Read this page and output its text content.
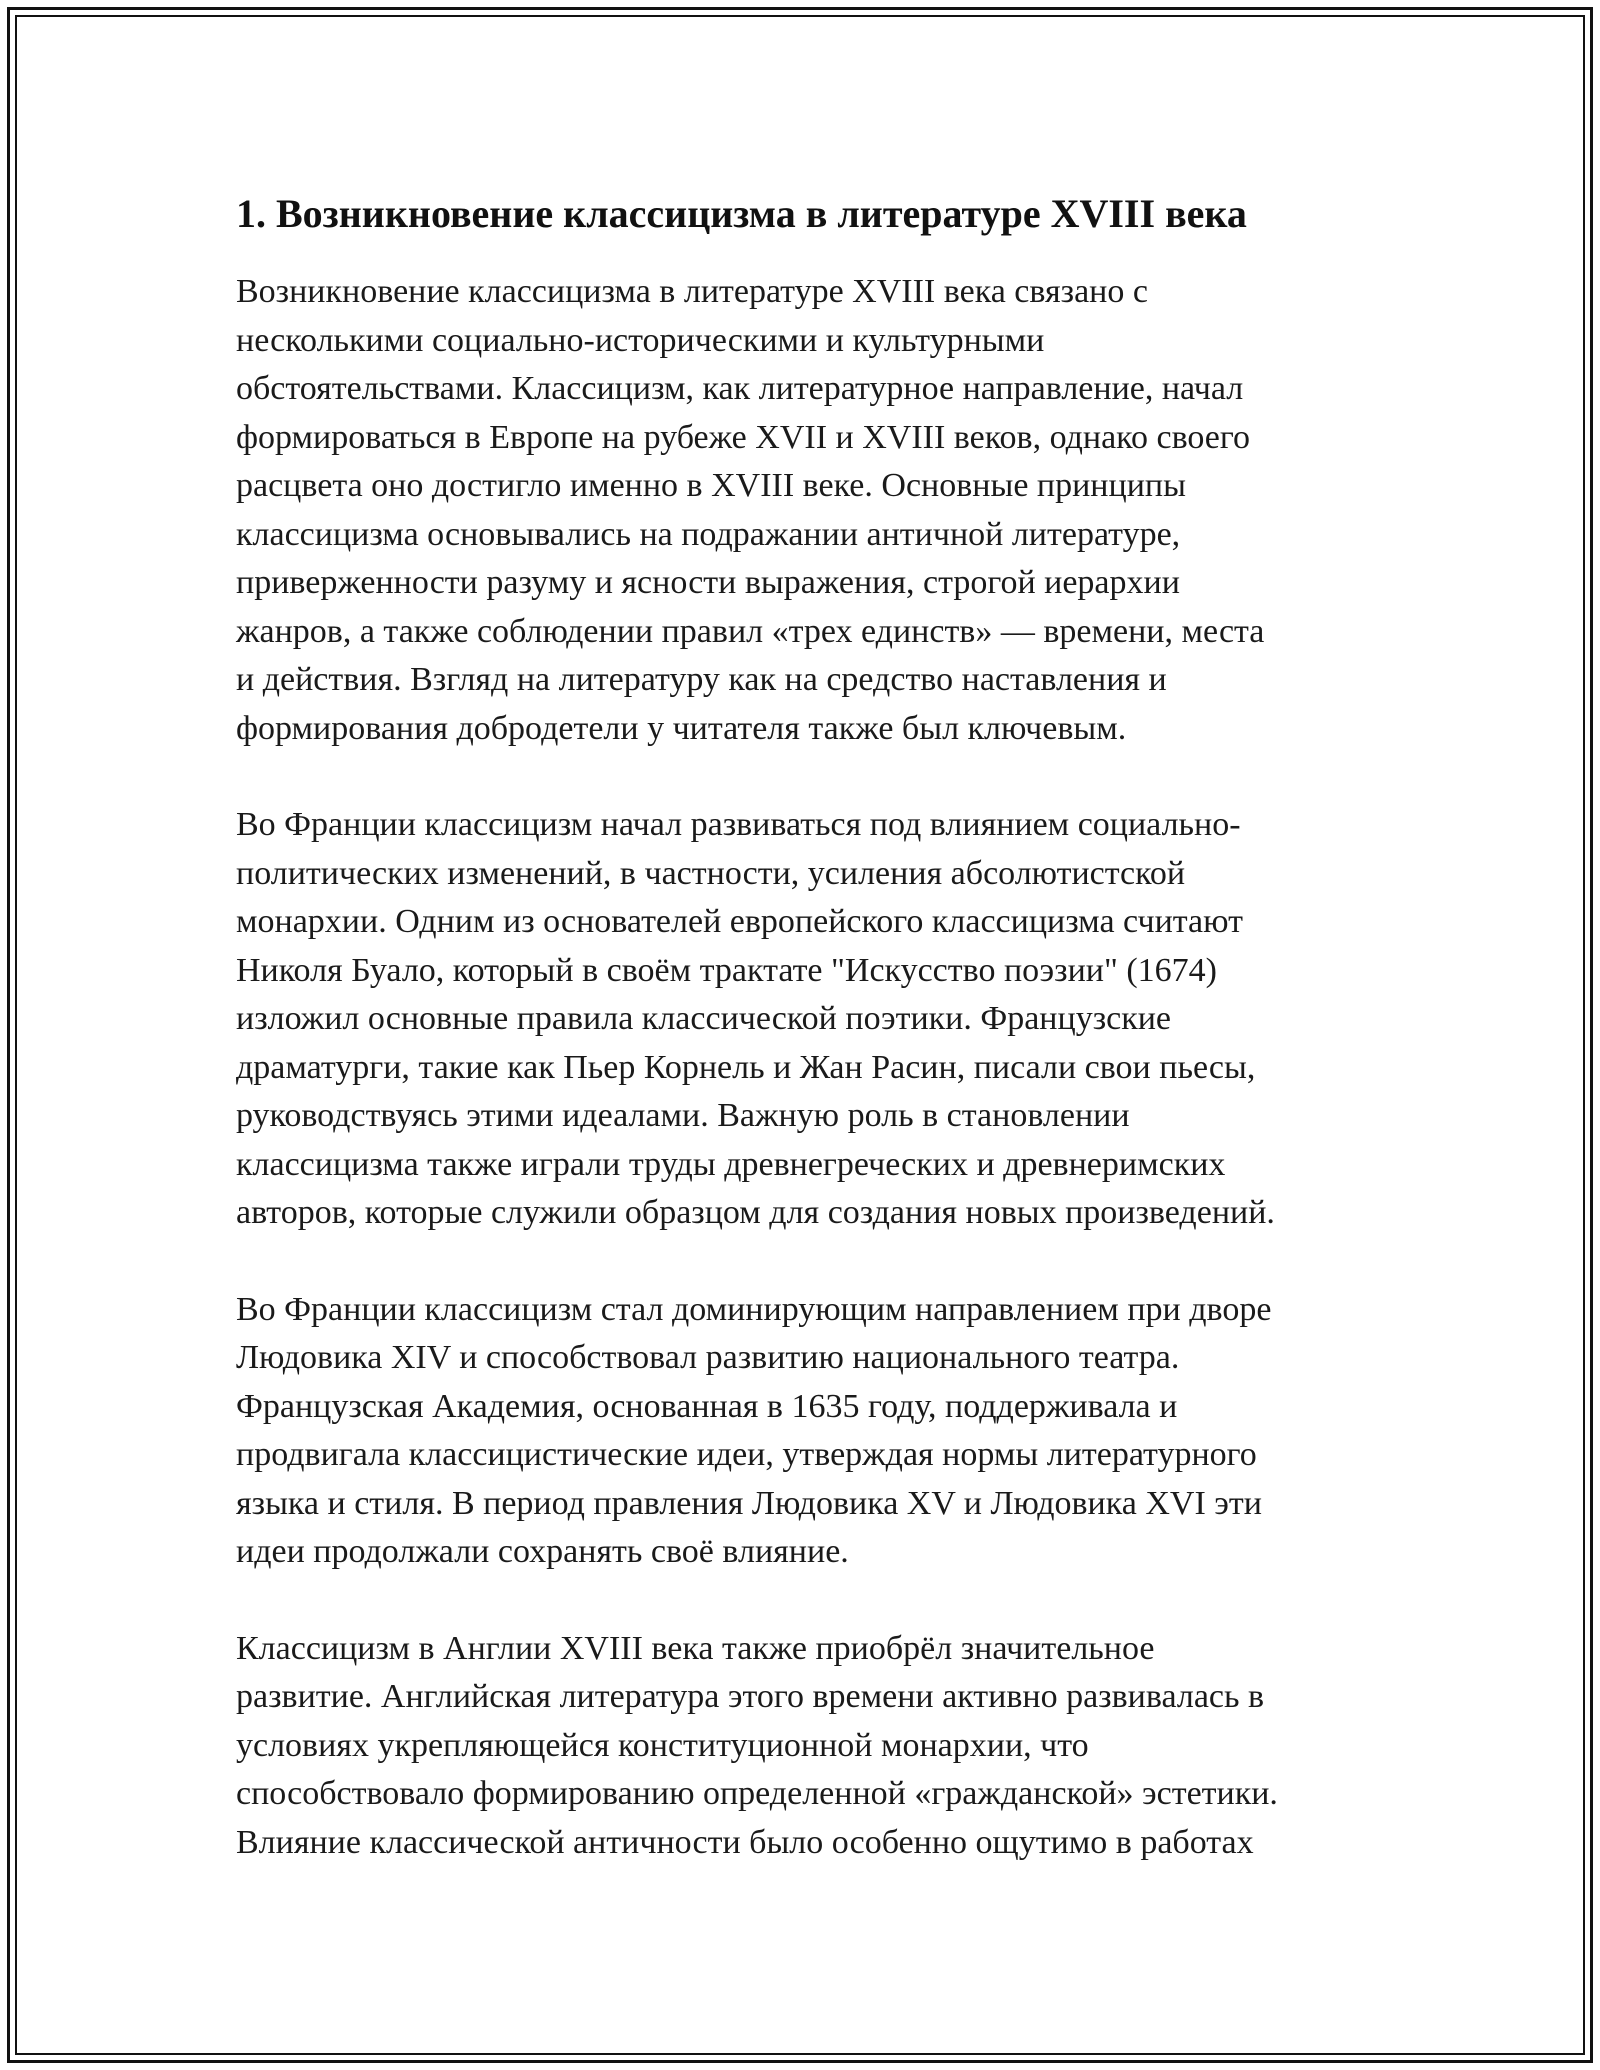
1. Возникновение классицизма в литературе XVIII века

Возникновение классицизма в литературе XVIII века связано с
несколькими социально-историческими и культурными
обстоятельствами. Классицизм, как литературное направление, начал
формироваться в Европе на рубеже XVII и XVIII веков, однако своего
расцвета оно достигло именно в XVIII веке. Основные принципы
классицизма основывались на подражании античной литературе,
приверженности разуму и ясности выражения, строгой иерархии
жанров, а также соблюдении правил «трех единств» — времени, места
и действия. Взгляд на литературу как на средство наставления и
формирования добродетели у читателя также был ключевым.

Во Франции классицизм начал развиваться под влиянием социально-
политических изменений, в частности, усиления абсолютистской
монархии. Одним из основателей европейского классицизма считают
Николя Буало, который в своём трактате "Искусство поэзии" (1674)
изложил основные правила классической поэтики. Французские
драматурги, такие как Пьер Корнель и Жан Расин, писали свои пьесы,
руководствуясь этими идеалами. Важную роль в становлении
классицизма также играли труды древнегреческих и древнеримских
авторов, которые служили образцом для создания новых произведений.

Во Франции классицизм стал доминирующим направлением при дворе
Людовика XIV и способствовал развитию национального театра.
Французская Академия, основанная в 1635 году, поддерживала и
продвигала классицистические идеи, утверждая нормы литературного
языка и стиля. В период правления Людовика XV и Людовика XVI эти
идеи продолжали сохранять своё влияние.

Классицизм в Англии XVIII века также приобрёл значительное
развитие. Английская литература этого времени активно развивалась в
условиях укрепляющейся конституционной монархии, что
способствовало формированию определенной «гражданской» эстетики.
Влияние классической античности было особенно ощутимо в работах
